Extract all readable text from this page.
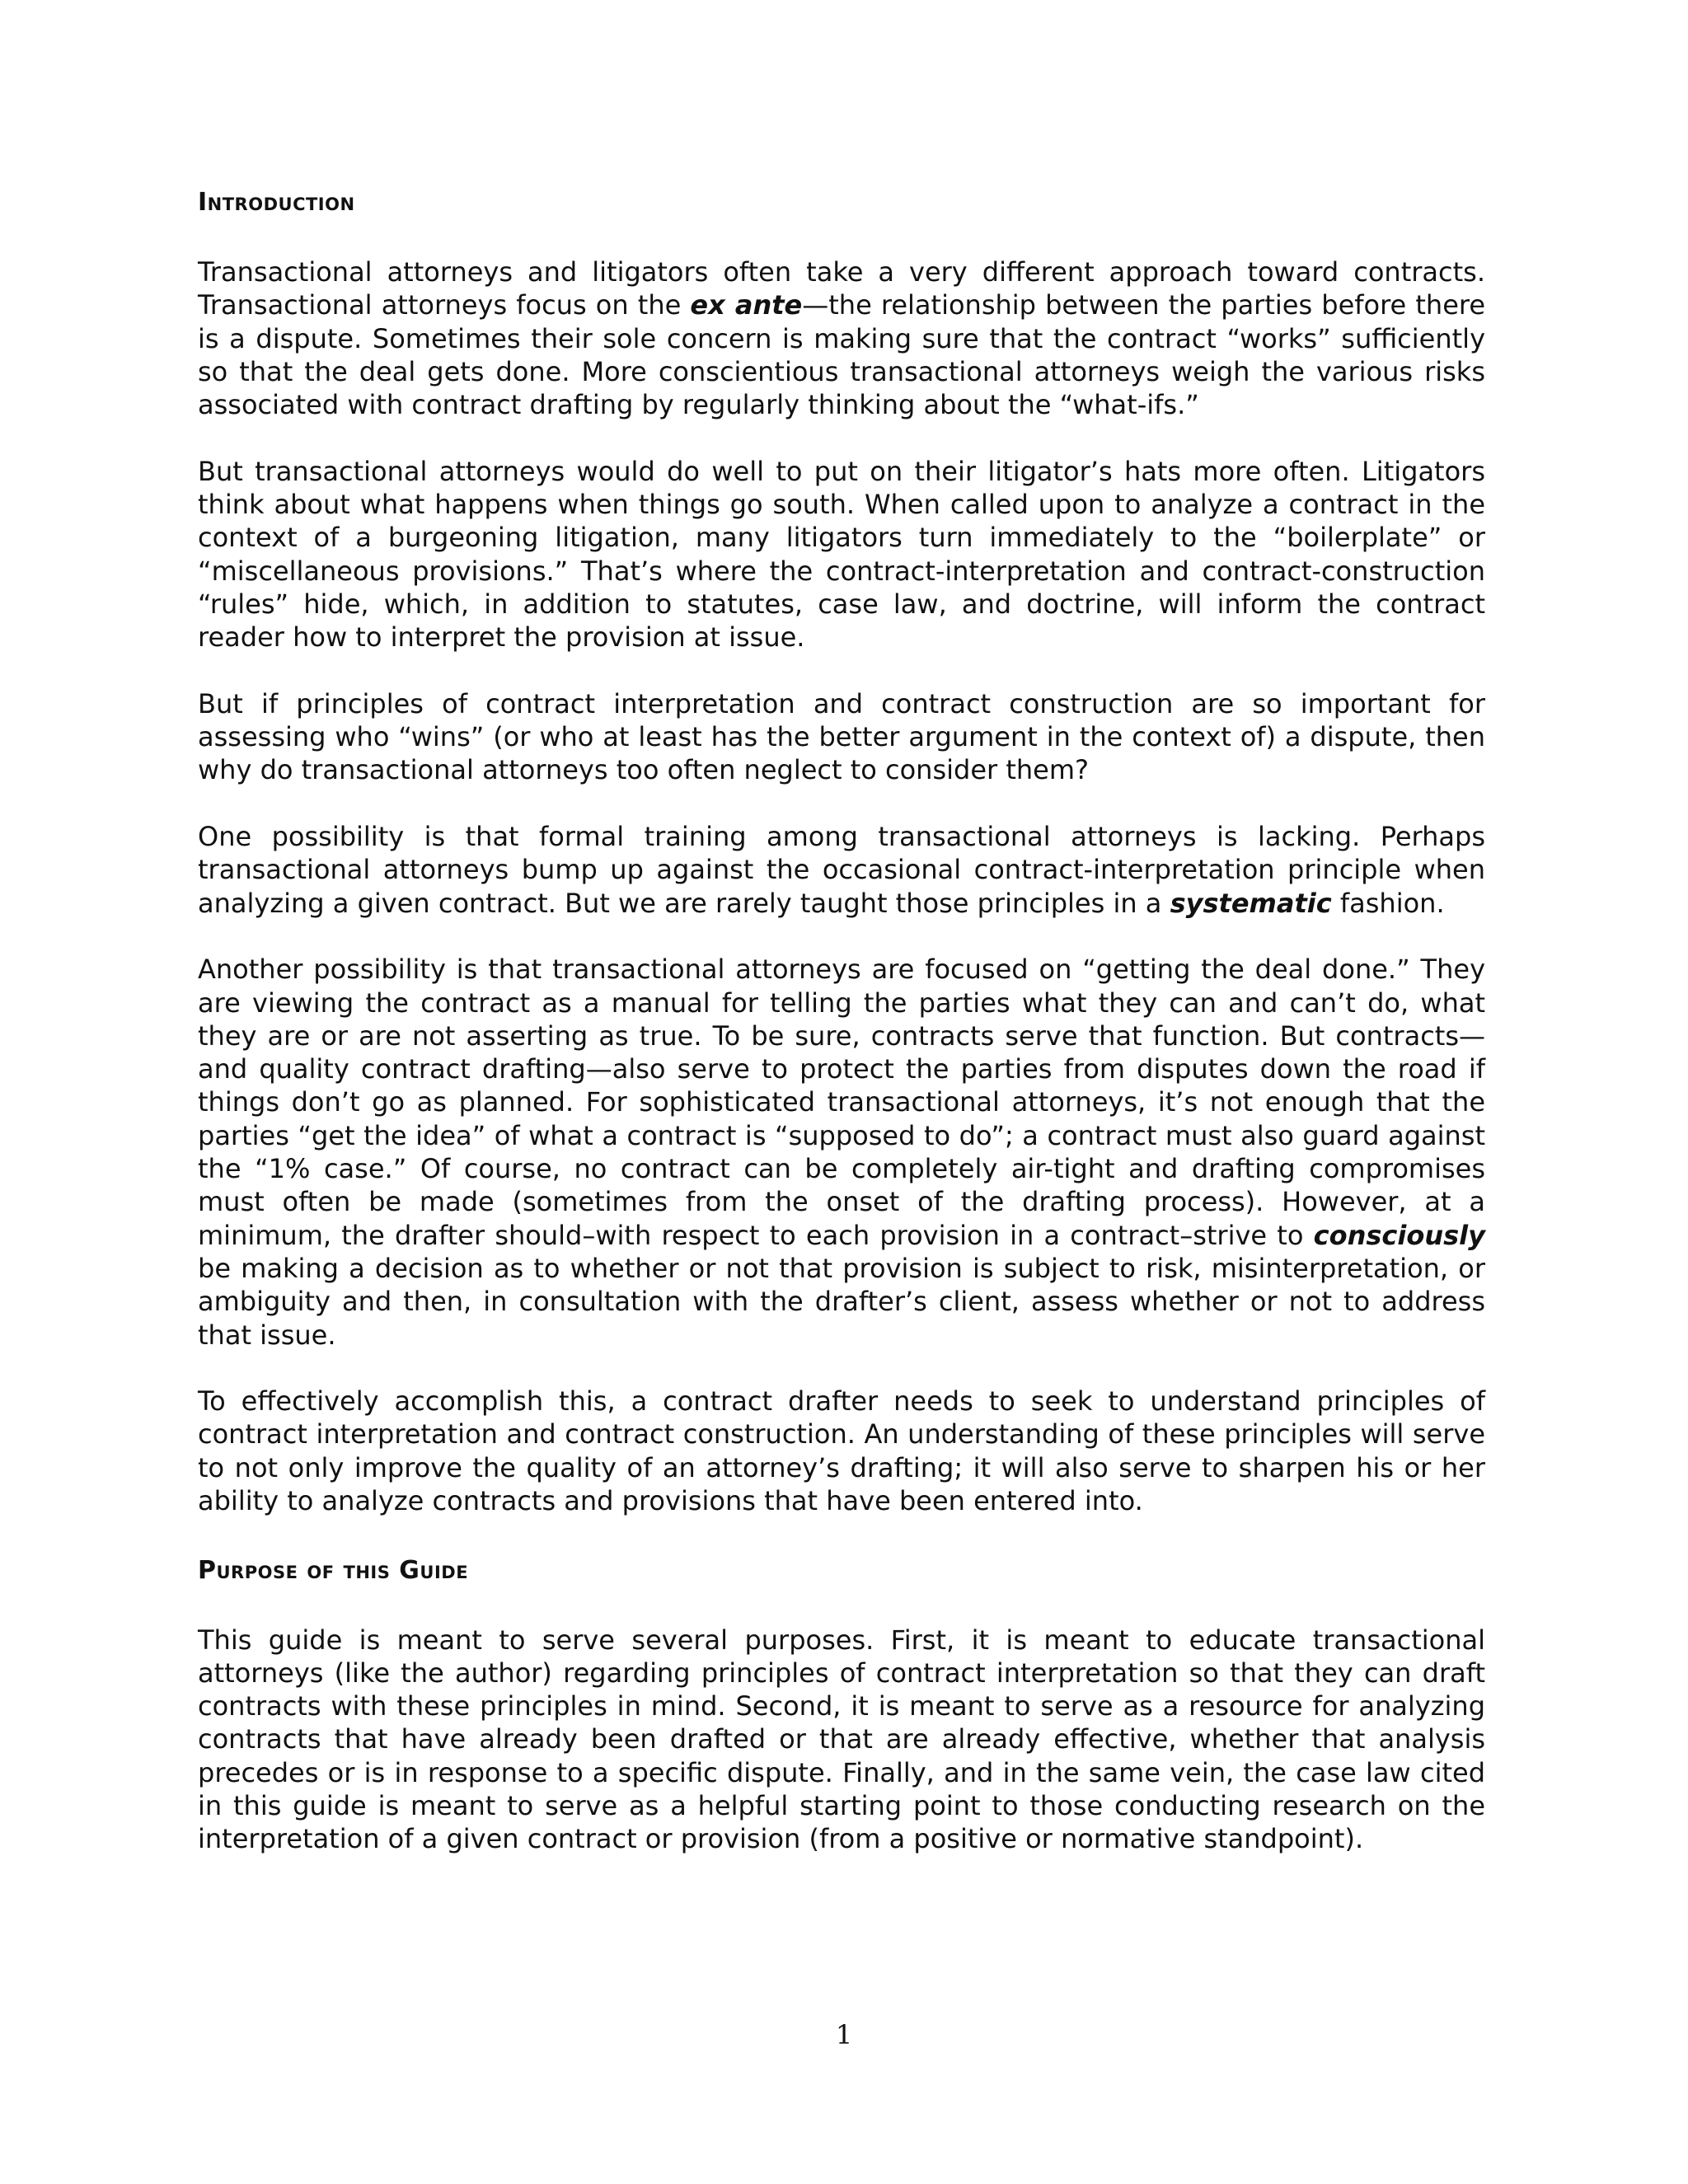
Introduction

Transactional attorneys and litigators often take a very different approach toward contracts. Transactional attorneys focus on the ex ante—the relationship between the parties before there is a dispute. Sometimes their sole concern is making sure that the contract “works” sufficiently so that the deal gets done. More conscientious transactional attorneys weigh the various risks associated with contract drafting by regularly thinking about the “what-ifs.”

But transactional attorneys would do well to put on their litigator’s hats more often. Litigators think about what happens when things go south. When called upon to analyze a contract in the context of a burgeoning litigation, many litigators turn immediately to the “boilerplate” or “miscellaneous provisions.” That’s where the contract-interpretation and contract-construction “rules” hide, which, in addition to statutes, case law, and doctrine, will inform the contract reader how to interpret the provision at issue.

But if principles of contract interpretation and contract construction are so important for assessing who “wins” (or who at least has the better argument in the context of) a dispute, then why do transactional attorneys too often neglect to consider them?

One possibility is that formal training among transactional attorneys is lacking. Perhaps transactional attorneys bump up against the occasional contract-interpretation principle when analyzing a given contract. But we are rarely taught those principles in a systematic fashion.

Another possibility is that transactional attorneys are focused on “getting the deal done.” They are viewing the contract as a manual for telling the parties what they can and can’t do, what they are or are not asserting as true. To be sure, contracts serve that function. But contracts—and quality contract drafting—also serve to protect the parties from disputes down the road if things don’t go as planned. For sophisticated transactional attorneys, it’s not enough that the parties “get the idea” of what a contract is “supposed to do”; a contract must also guard against the “1% case.” Of course, no contract can be completely air-tight and drafting compromises must often be made (sometimes from the onset of the drafting process). However, at a minimum, the drafter should–with respect to each provision in a contract–strive to consciously be making a decision as to whether or not that provision is subject to risk, misinterpretation, or ambiguity and then, in consultation with the drafter’s client, assess whether or not to address that issue.

To effectively accomplish this, a contract drafter needs to seek to understand principles of contract interpretation and contract construction. An understanding of these principles will serve to not only improve the quality of an attorney’s drafting; it will also serve to sharpen his or her ability to analyze contracts and provisions that have been entered into.

Purpose of this Guide

This guide is meant to serve several purposes. First, it is meant to educate transactional attorneys (like the author) regarding principles of contract interpretation so that they can draft contracts with these principles in mind. Second, it is meant to serve as a resource for analyzing contracts that have already been drafted or that are already effective, whether that analysis precedes or is in response to a specific dispute. Finally, and in the same vein, the case law cited in this guide is meant to serve as a helpful starting point to those conducting research on the interpretation of a given contract or provision (from a positive or normative standpoint).

1
